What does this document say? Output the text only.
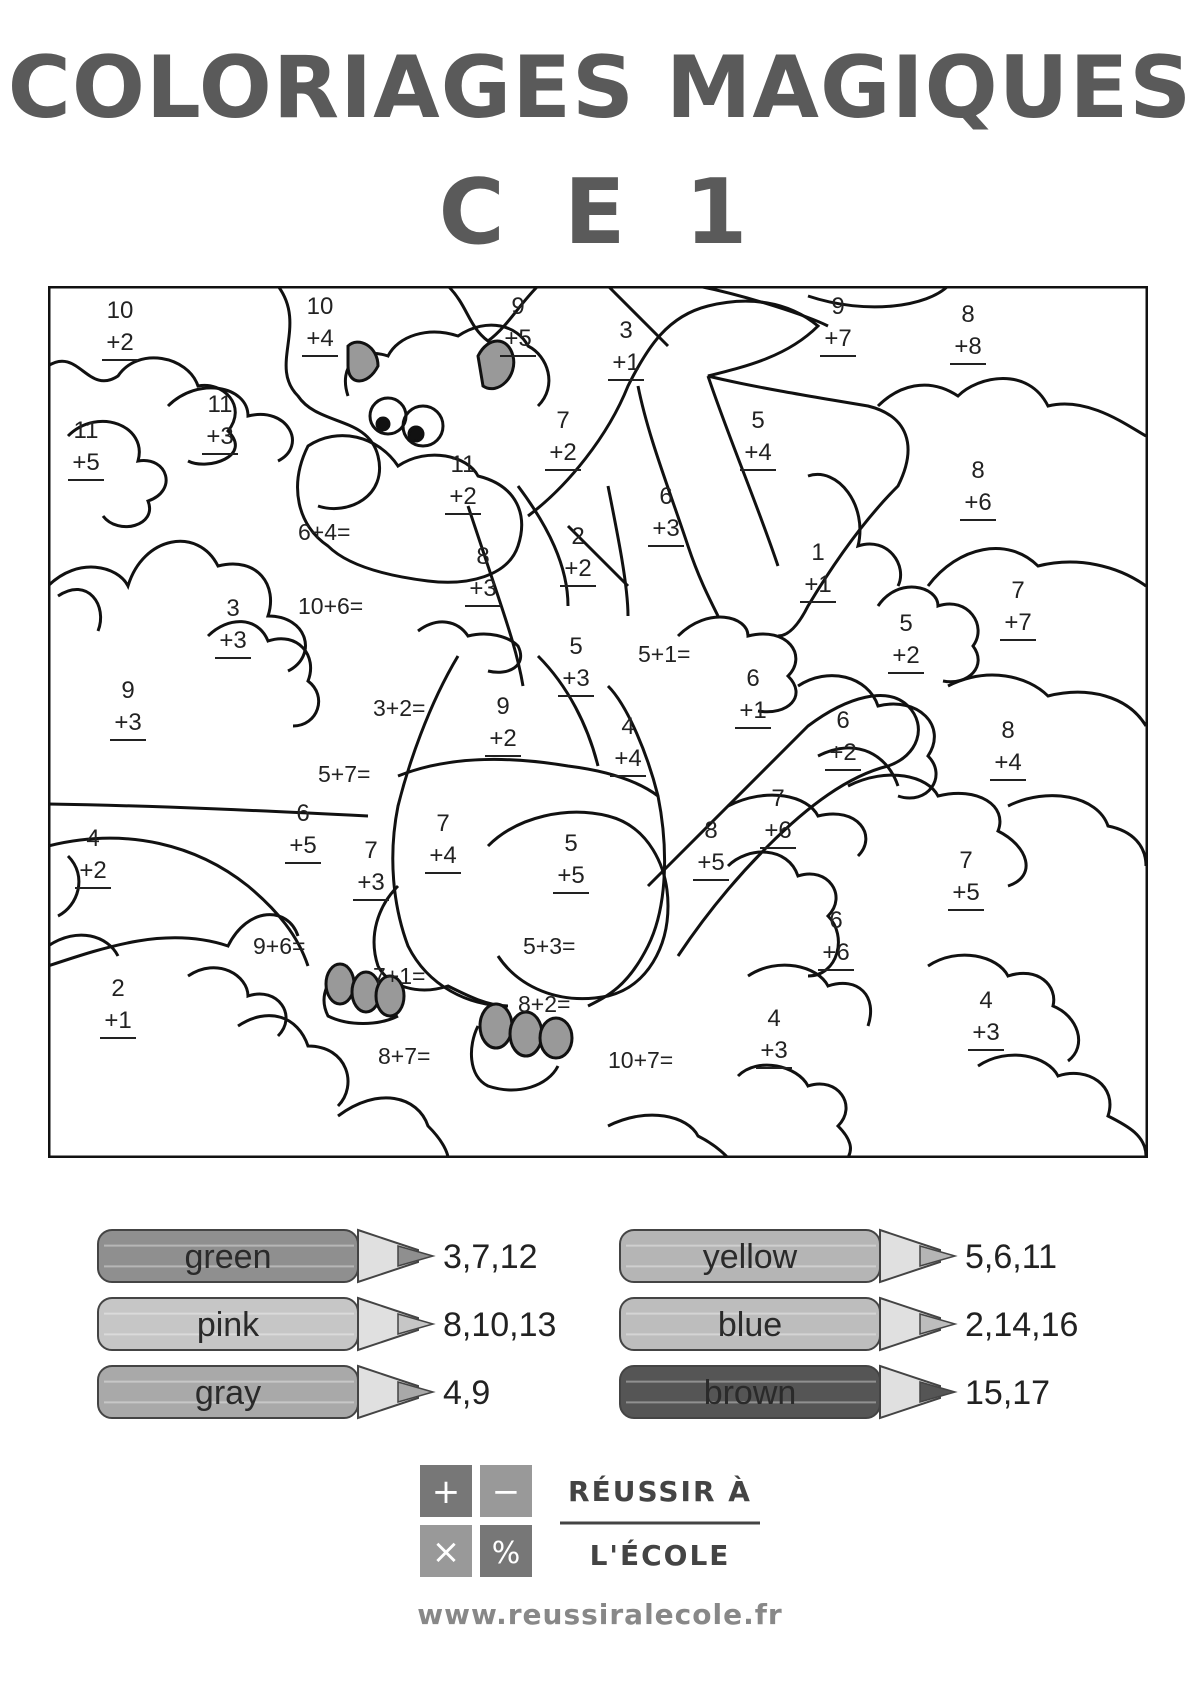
COLORIAGES MAGIQUES
C E 1
10
+2
10
+4
9
+5	3
+1
9
+7
8
+8
11
+3
11
+5
7
+2
5
+4
11
+2
8
+6
6
+3
2
+2
8
+3
1
+1
3
+3
7
+7
5
+2
5
+3
9
+3
6
+1
9
+2	4
+4
6
+2
8
+4
7
+6
4
+2
6
+5
7
+4
7
+3
5
+5
8
+5	7
+5
6
+6
2
+1	4
+3
4
+3
6+4=
10+6=
5+1=
3+2=
5+7=
9+6=	5+3=
7+1=
8+2=
8+7=	10+7=
green	3,7,12	yellow	5,6,11
pink	8,10,13	blue	2,14,16
gray	4,9	brown	15,17
+ −
× %
RÉUSSIR À
L'ÉCOLE
www.reussiralecole.fr
